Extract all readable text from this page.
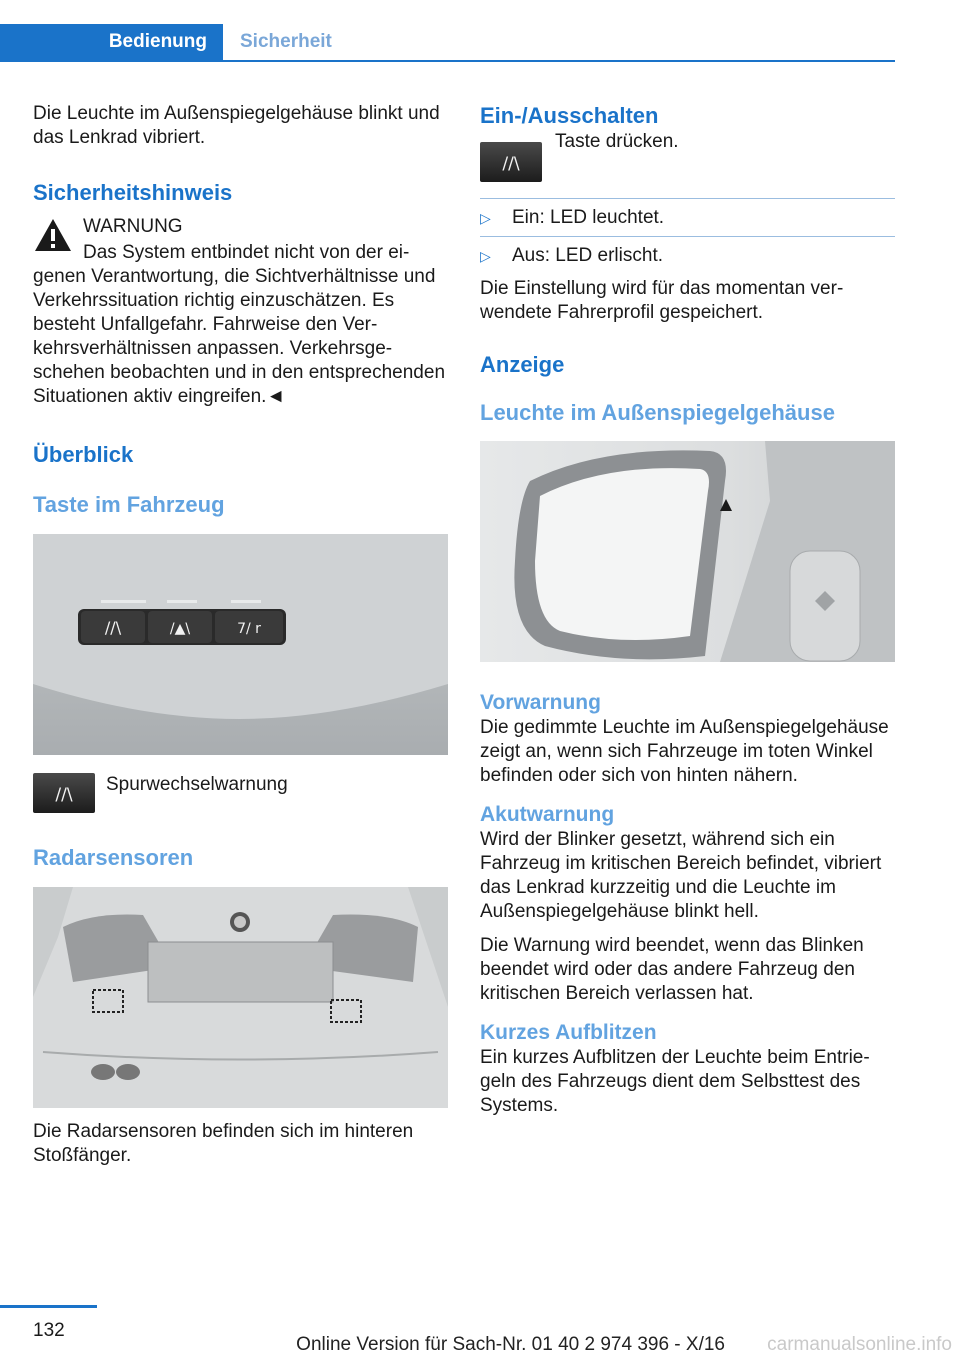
Bedienung Sicherheit

Die Leuchte im Außenspiegelgehäuse blinkt und das Lenkrad vibriert.

Sicherheitshinweis

WARNUNG

Das System entbindet nicht von der ei-

genen Verantwortung, die Sichtverhältnisse und Verkehrssituation richtig einzuschätzen. Es besteht Unfallgefahr. Fahrweise den Verkehrsverhältnissen anpassen. Verkehrsgeschehen beobachten und in den entsprechenden Situationen aktiv eingreifen.◄

Überblick
Taste im Fahrzeug
//\	/▲\	7/ r
//\ Spurwechselwarnung

Radarsensoren

Die Radarsensoren befinden sich im hinteren Stoßfänger.

Ein-/Ausschalten
//\

Taste drücken.

▷ Ein: LED leuchtet.
▷ Aus: LED erlischt.

Die Einstellung wird für das momentan verwendete Fahrerprofil gespeichert.

Anzeige
Leuchte im Außenspiegelgehäuse
Vorwarnung

Die gedimmte Leuchte im Außenspiegelgehäuse zeigt an, wenn sich Fahrzeuge im toten Winkel befinden oder sich von hinten nähern.

Akutwarnung

Wird der Blinker gesetzt, während sich ein Fahrzeug im kritischen Bereich befindet, vibriert das Lenkrad kurzzeitig und die Leuchte im Außenspiegelgehäuse blinkt hell.

Die Warnung wird beendet, wenn das Blinken beendet wird oder das andere Fahrzeug den kritischen Bereich verlassen hat.

Kurzes Aufblitzen

Ein kurzes Aufblitzen der Leuchte beim Entriegeln des Fahrzeugs dient dem Selbsttest des Systems.

132
Online Version für Sach-Nr. 01 40 2 974 396 - X/16 carmanualsonline.info
